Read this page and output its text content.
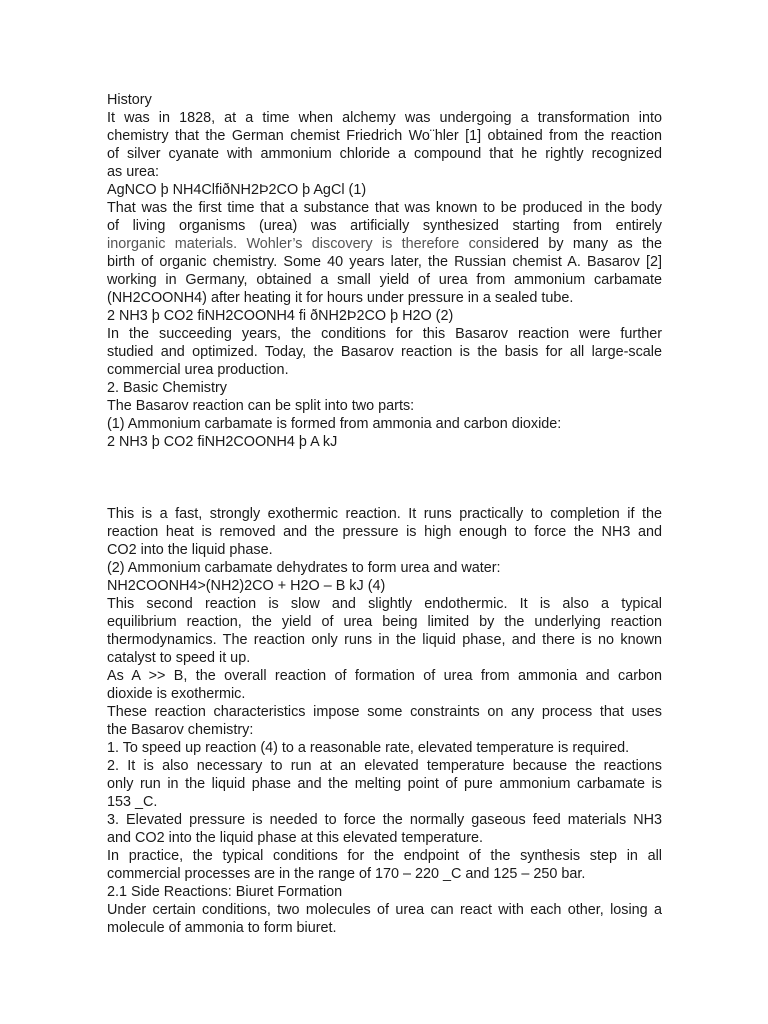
History
It was in 1828, at a time when alchemy was undergoing a transformation into
chemistry that the German chemist Friedrich Wo¨hler [1] obtained from the reaction
of silver cyanate with ammonium chloride a compound that he rightly recognized
as urea:
AgNCO þ NH4ClfiðNH2Þ2CO þ AgCl (1)
That was the first time that a substance that was known to be produced in the body
of living organisms (urea) was artificially synthesized starting from entirely
inorganic materials. Wohler’s discovery is therefore considered by many as the
birth of organic chemistry. Some 40 years later, the Russian chemist A. Basarov [2]
working in Germany, obtained a small yield of urea from ammonium carbamate
(NH2COONH4) after heating it for hours under pressure in a sealed tube.
2 NH3 þ CO2 fiNH2COONH4 fi ðNH2Þ2CO þ H2O (2)
In the succeeding years, the conditions for this Basarov reaction were further
studied and optimized. Today, the Basarov reaction is the basis for all large-scale
commercial urea production.
2. Basic Chemistry
The Basarov reaction can be split into two parts:
(1) Ammonium carbamate is formed from ammonia and carbon dioxide:
2 NH3 þ CO2 fiNH2COONH4 þ A kJ
This is a fast, strongly exothermic reaction. It runs practically to completion if the
reaction heat is removed and the pressure is high enough to force the NH3 and
CO2 into the liquid phase.
(2) Ammonium carbamate dehydrates to form urea and water:
NH2COONH4>(NH2)2CO + H2O – B kJ (4)
This second reaction is slow and slightly endothermic. It is also a typical
equilibrium reaction, the yield of urea being limited by the underlying reaction
thermodynamics. The reaction only runs in the liquid phase, and there is no known
catalyst to speed it up.
As A >> B, the overall reaction of formation of urea from ammonia and carbon
dioxide is exothermic.
These reaction characteristics impose some constraints on any process that uses
the Basarov chemistry:
1. To speed up reaction (4) to a reasonable rate, elevated temperature is required.
2. It is also necessary to run at an elevated temperature because the reactions
only run in the liquid phase and the melting point of pure ammonium carbamate is
153 _C.
3. Elevated pressure is needed to force the normally gaseous feed materials NH3
and CO2 into the liquid phase at this elevated temperature.
In practice, the typical conditions for the endpoint of the synthesis step in all
commercial processes are in the range of 170 – 220 _C and 125 – 250 bar.
2.1 Side Reactions: Biuret Formation
Under certain conditions, two molecules of urea can react with each other, losing a
molecule of ammonia to form biuret.
